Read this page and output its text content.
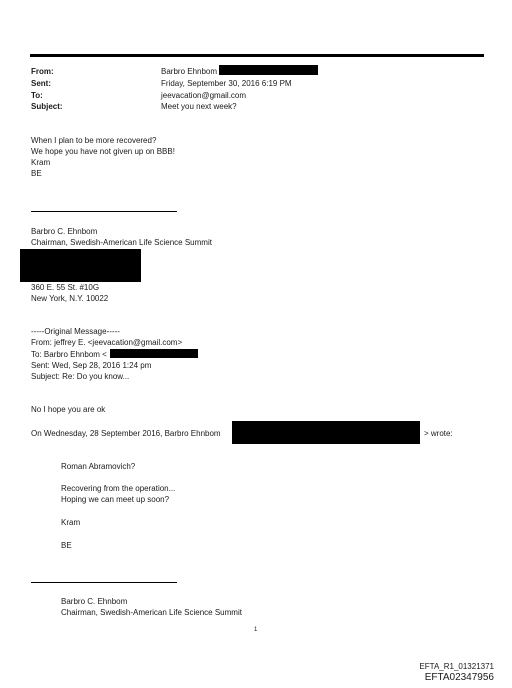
From:	Barbro Ehnbom
Sent:	Friday, September 30, 2016 6:19 PM
To:	jeevacation@gmail.com
Subject:	Meet you next week?
When I plan to be more recovered?
We hope you have not given up on BBB!
Kram
BE
Barbro C. Ehnbom
Chairman, Swedish-American Life Science Summit
360 E. 55 St. #10G
New York, N.Y. 10022
-----Original Message-----
From: jeffrey E. <jeevacation@gmail.com>
To: Barbro Ehnbom <
Sent: Wed, Sep 28, 2016 1:24 pm
Subject: Re: Do you know...
No I hope you are ok
On Wednesday, 28 September 2016, Barbro Ehnbom	> wrote:
Roman Abramovich?
Recovering from the operation...
Hoping we can meet up soon?
Kram
BE
Barbro C. Ehnbom
Chairman, Swedish-American Life Science Summit
1
EFTA_R1_01321371
EFTA02347956
